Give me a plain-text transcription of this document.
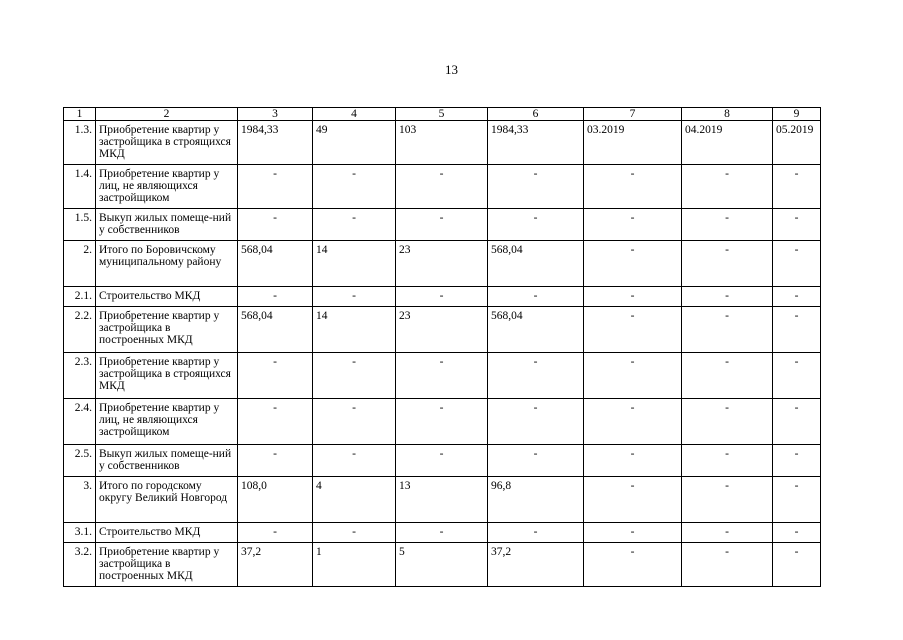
13
1	2	3	4	5	6	7	8	9
1.3.	Приобретение квартир у застройщика в строящихся МКД	1984,33	49	103	1984,33	03.2019	04.2019	05.2019
1.4.	Приобретение квартир у лиц, не являющихся застройщиком	-	-	-	-	-	-	-
1.5.	Выкуп жилых помеще-ний у собственников	-	-	-	-	-	-	-
2.	Итого по Боровичскому муниципальному району	568,04	14	23	568,04	-	-	-
2.1.	Строительство МКД	-	-	-	-	-	-	-
2.2.	Приобретение квартир у застройщика в построенных МКД	568,04	14	23	568,04	-	-	-
2.3.	Приобретение квартир у застройщика в строящихся МКД	-	-	-	-	-	-	-
2.4.	Приобретение квартир у лиц, не являющихся застройщиком	-	-	-	-	-	-	-
2.5.	Выкуп жилых помеще-ний у собственников	-	-	-	-	-	-	-
3.	Итого по городскому округу Великий Новгород	108,0	4	13	96,8	-	-	-
3.1.	Строительство МКД	-	-	-	-	-	-	-
3.2.	Приобретение квартир у застройщика в построенных МКД	37,2	1	5	37,2	-	-	-
